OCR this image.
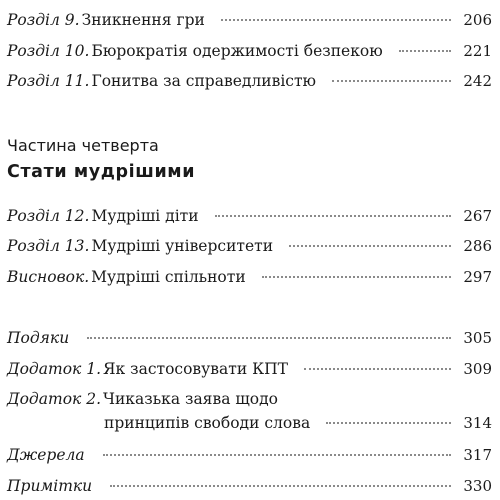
Розділ 9. Зникнення гри	206
Розділ 10. Бюрократія одержимості безпекою	221
Розділ 11. Гонитва за справедливістю	242
Частина четверта
Стати мудрішими
Розділ 12. Мудріші діти	267
Розділ 13. Мудріші університети	286
Висновок. Мудріші спільноти	297
Подяки	305
Додаток 1. Як застосовувати КПТ	309
Додаток 2. Чиказька заява щодо
принципів свободи слова	314
Джерела	317
Примітки	330
